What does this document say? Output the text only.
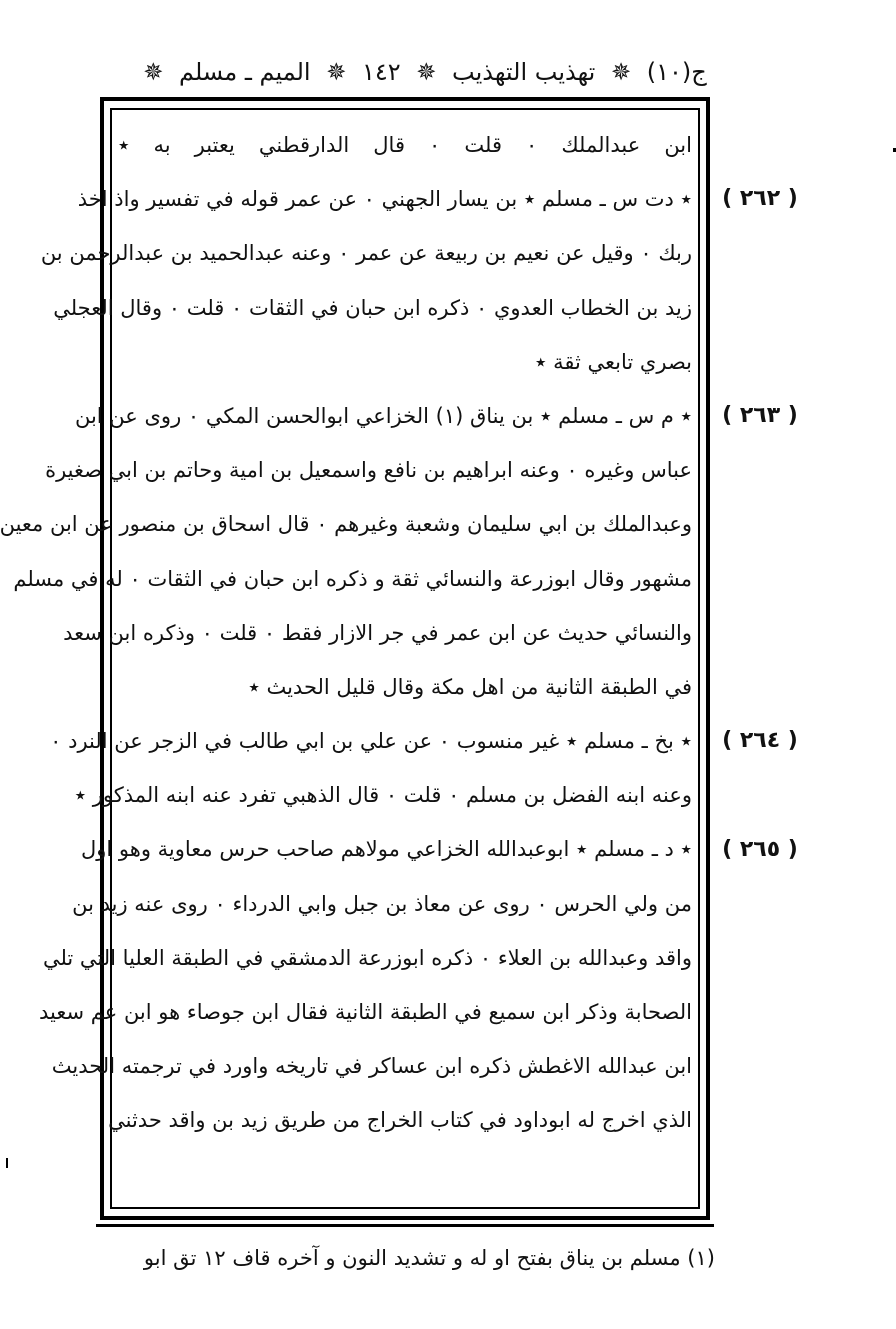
ج(١٠) ✵ تهذيب التهذيب ✵ ١٤٢ ✵ الميم ـ مسلم ✵
ابن عبدالملك ٠ قلت ٠ قال الدارقطني يعتبر به ٭
٭ دت س ـ مسلم ٭ بن يسار الجهني ٠ عن عمر قوله في تفسير واذ اخذ
ربك ٠ وقيل عن نعيم بن ربيعة عن عمر ٠ وعنه عبدالحميد بن عبدالرحمن بن
زيد بن الخطاب العدوي ٠ ذكره ابن حبان في الثقات ٠ قلت ٠ وقال العجلي
بصري تابعي ثقة ٭
٭ م س ـ مسلم ٭ بن يناق (١) الخزاعي ابوالحسن المكي ٠ روى عن ابن
عباس وغيره ٠ وعنه ابراهيم بن نافع واسمعيل بن امية وحاتم بن ابي صغيرة
وعبدالملك بن ابي سليمان وشعبة وغيرهم ٠ قال اسحاق بن منصور عن ابن معين
مشهور وقال ابوزرعة والنسائي ثقة و ذكره ابن حبان في الثقات ٠ له في مسلم
والنسائي حديث عن ابن عمر في جر الازار فقط ٠ قلت ٠ وذكره ابن سعد
في الطبقة الثانية من اهل مكة وقال قليل الحديث ٭
٭ بخ ـ مسلم ٭ غير منسوب ٠ عن علي بن ابي طالب في الزجر عن النرد ٠
وعنه ابنه الفضل بن مسلم ٠ قلت ٠ قال الذهبي تفرد عنه ابنه المذكور ٭
٭ د ـ مسلم ٭ ابوعبدالله الخزاعي مولاهم صاحب حرس معاوية وهو اول
من ولي الحرس ٠ روى عن معاذ بن جبل وابي الدرداء ٠ روى عنه زيد بن
واقد وعبدالله بن العلاء ٠ ذكره ابوزرعة الدمشقي في الطبقة العليا التي تلي
الصحابة وذكر ابن سميع في الطبقة الثانية فقال ابن جوصاء هو ابن عم سعيد
ابن عبدالله الاغطش ذكره ابن عساكر في تاريخه واورد في ترجمته الحديث
الذي اخرج له ابوداود في كتاب الخراج من طريق زيد بن واقد حدثني
( ٢٦٢ )
( ٢٦٣ )
( ٢٦٤ )
( ٢٦٥ )
(١) مسلم بن يناق بفتح او له و تشديد النون و آخره قاف ١٢ تق ابو
